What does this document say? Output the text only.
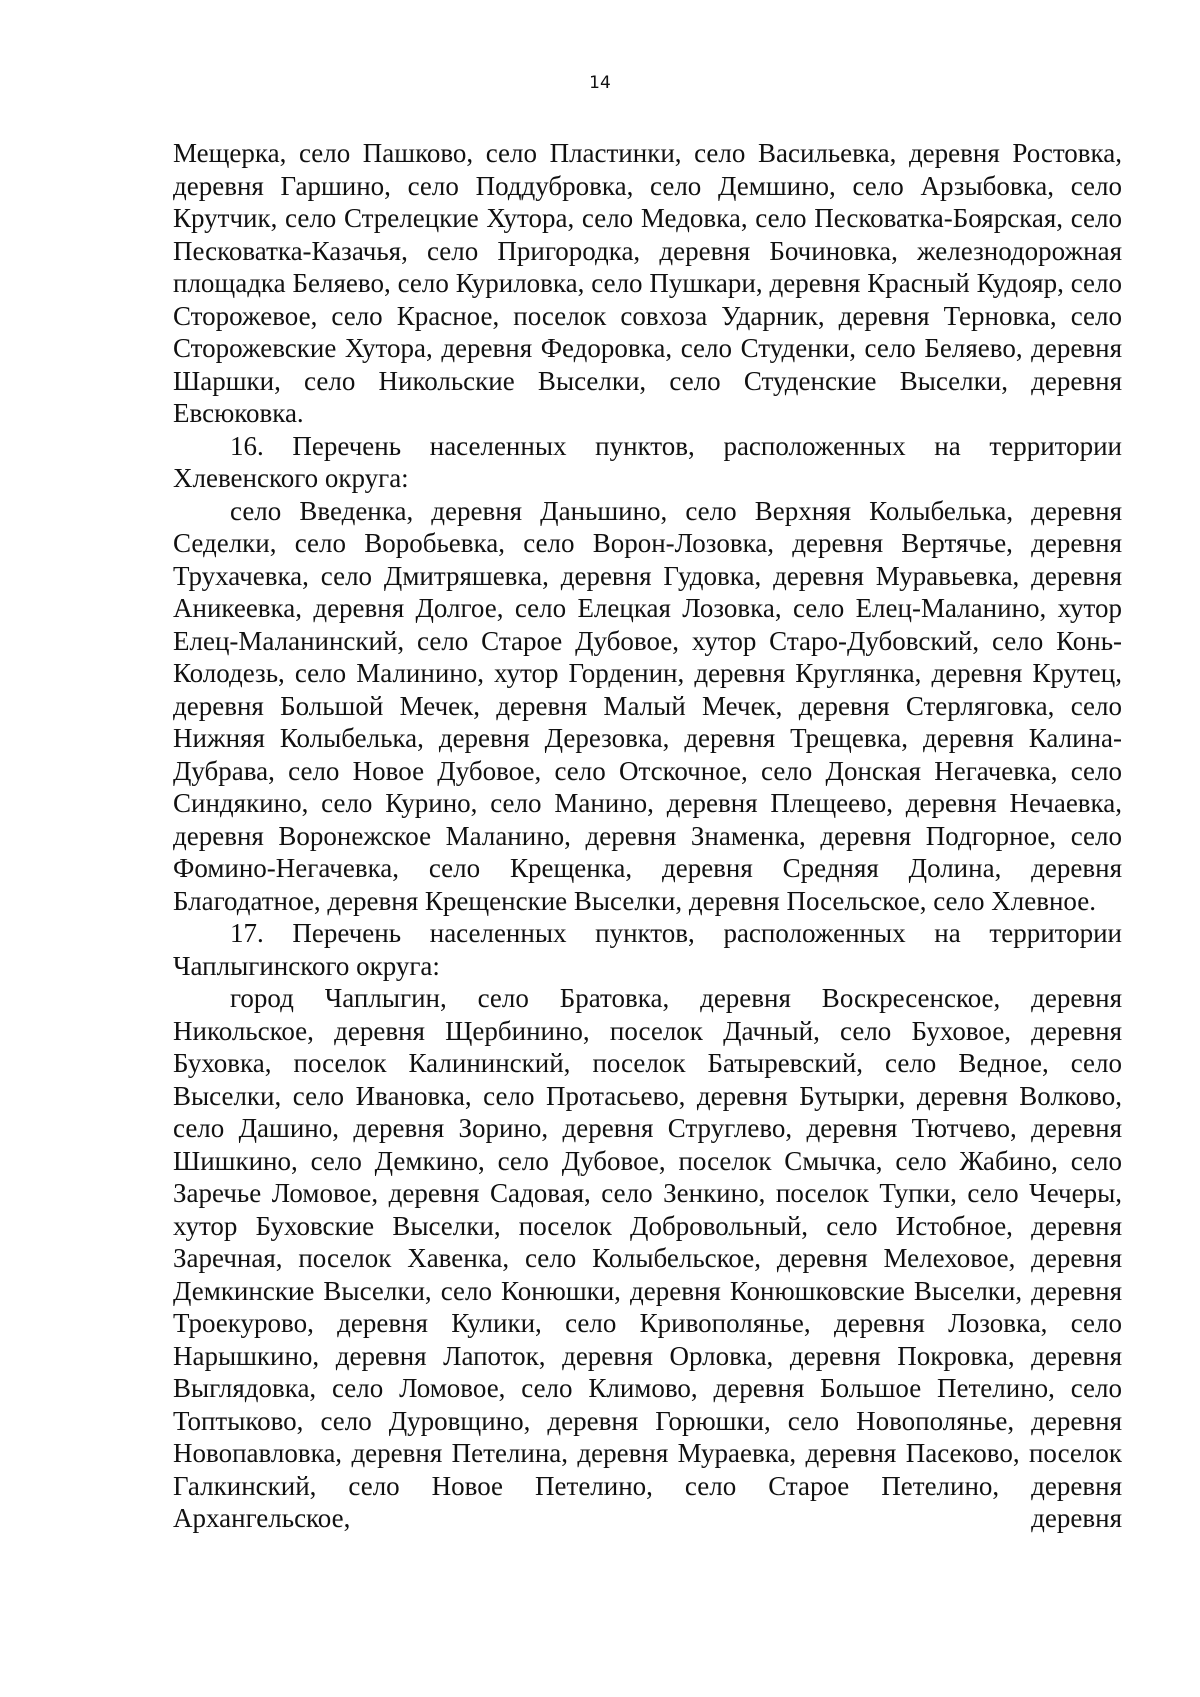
14

Мещерка, село Пашково, село Пластинки, село Васильевка, деревня Ростовка, деревня Гаршино, село Поддубровка, село Демшино, село Арзыбовка, село Крутчик, село Стрелецкие Хутора, село Медовка, село Песковатка-Боярская, село Песковатка-Казачья, село Пригородка, деревня Бочиновка, железнодорожная площадка Беляево, село Куриловка, село Пушкари, деревня Красный Кудояр, село Сторожевое, село Красное, поселок совхоза Ударник, деревня Терновка, село Сторожевские Хутора, деревня Федоровка, село Студенки, село Беляево, деревня Шаршки, село Никольские Выселки, село Студенские Выселки, деревня Евсюковка.

16. Перечень населенных пунктов, расположенных на территории Хлевенского округа:

село Введенка, деревня Даньшино, село Верхняя Колыбелька, деревня Седелки, село Воробьевка, село Ворон-Лозовка, деревня Вертячье, деревня Трухачевка, село Дмитряшевка, деревня Гудовка, деревня Муравьевка, деревня Аникеевка, деревня Долгое, село Елецкая Лозовка, село Елец-Маланино, хутор Елец-Маланинский, село Старое Дубовое, хутор Старо-Дубовский, село Конь-Колодезь, село Малинино, хутор Горденин, деревня Круглянка, деревня Крутец, деревня Большой Мечек, деревня Малый Мечек, деревня Стерляговка, село Нижняя Колыбелька, деревня Дерезовка, деревня Трещевка, деревня Калина-Дубрава, село Новое Дубовое, село Отскочное, село Донская Негачевка, село Синдякино, село Курино, село Манино, деревня Плещеево, деревня Нечаевка, деревня Воронежское Маланино, деревня Знаменка, деревня Подгорное, село Фомино-Негачевка, село Крещенка, деревня Средняя Долина, деревня Благодатное, деревня Крещенские Выселки, деревня Посельское, село Хлевное.

17. Перечень населенных пунктов, расположенных на территории Чаплыгинского округа:

город Чаплыгин, село Братовка, деревня Воскресенское, деревня Никольское, деревня Щербинино, поселок Дачный, село Буховое, деревня Буховка, поселок Калининский, поселок Батыревский, село Ведное, село Выселки, село Ивановка, село Протасьево, деревня Бутырки, деревня Волково, село Дашино, деревня Зорино, деревня Струглево, деревня Тютчево, деревня Шишкино, село Демкино, село Дубовое, поселок Смычка, село Жабино, село Заречье Ломовое, деревня Садовая, село Зенкино, поселок Тупки, село Чечеры, хутор Буховские Выселки, поселок Добровольный, село Истобное, деревня Заречная, поселок Хавенка, село Колыбельское, деревня Мелеховое, деревня Демкинские Выселки, село Конюшки, деревня Конюшковские Выселки, деревня Троекурово, деревня Кулики, село Кривополянье, деревня Лозовка, село Нарышкино, деревня Лапоток, деревня Орловка, деревня Покровка, деревня Выглядовка, село Ломовое, село Климово, деревня Большое Петелино, село Топтыково, село Дуровщино, деревня Горюшки, село Новополянье, деревня Новопавловка, деревня Петелина, деревня Мураевка, деревня Пасеково, поселок Галкинский, село Новое Петелино, село Старое Петелино, деревня Архангельское, деревня
